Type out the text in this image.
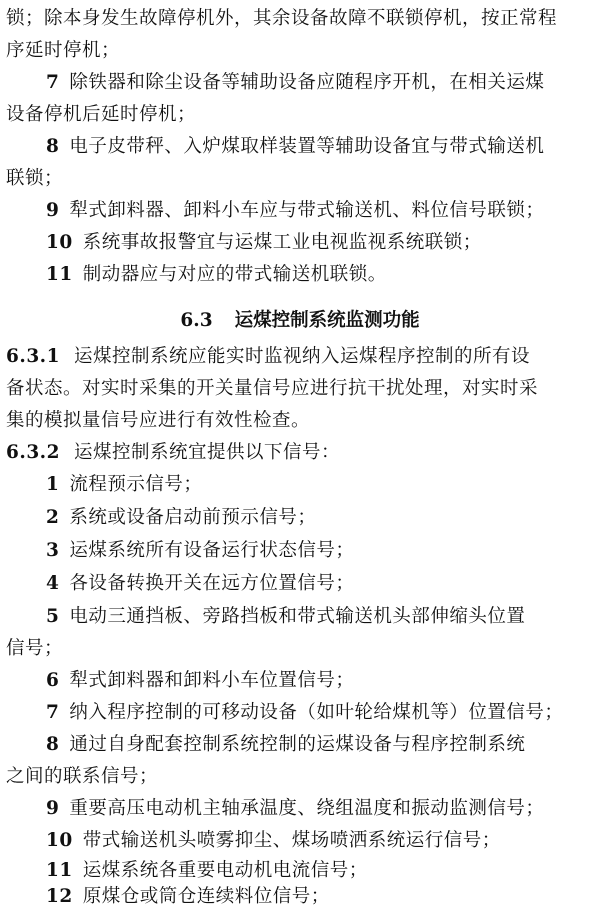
锁；除本身发生故障停机外，其余设备故障不联锁停机，按正常程
序延时停机；
7 除铁器和除尘设备等辅助设备应随程序开机，在相关运煤
设备停机后延时停机；
8 电子皮带秤、入炉煤取样装置等辅助设备宜与带式输送机
联锁；
9 犁式卸料器、卸料小车应与带式输送机、料位信号联锁；
10 系统事故报警宜与运煤工业电视监视系统联锁；
11 制动器应与对应的带式输送机联锁。
6.3 运煤控制系统监测功能
6.3.1 运煤控制系统应能实时监视纳入运煤程序控制的所有设
备状态。对实时采集的开关量信号应进行抗干扰处理，对实时采
集的模拟量信号应进行有效性检查。
6.3.2 运煤控制系统宜提供以下信号：
1 流程预示信号；
2 系统或设备启动前预示信号；
3 运煤系统所有设备运行状态信号；
4 各设备转换开关在远方位置信号；
5 电动三通挡板、旁路挡板和带式输送机头部伸缩头位置
信号；
6 犁式卸料器和卸料小车位置信号；
7 纳入程序控制的可移动设备（如叶轮给煤机等）位置信号；
8 通过自身配套控制系统控制的运煤设备与程序控制系统
之间的联系信号；
9 重要高压电动机主轴承温度、绕组温度和振动监测信号；
10 带式输送机头喷雾抑尘、煤场喷洒系统运行信号；
11 运煤系统各重要电动机电流信号；
12 原煤仓或筒仓连续料位信号；
